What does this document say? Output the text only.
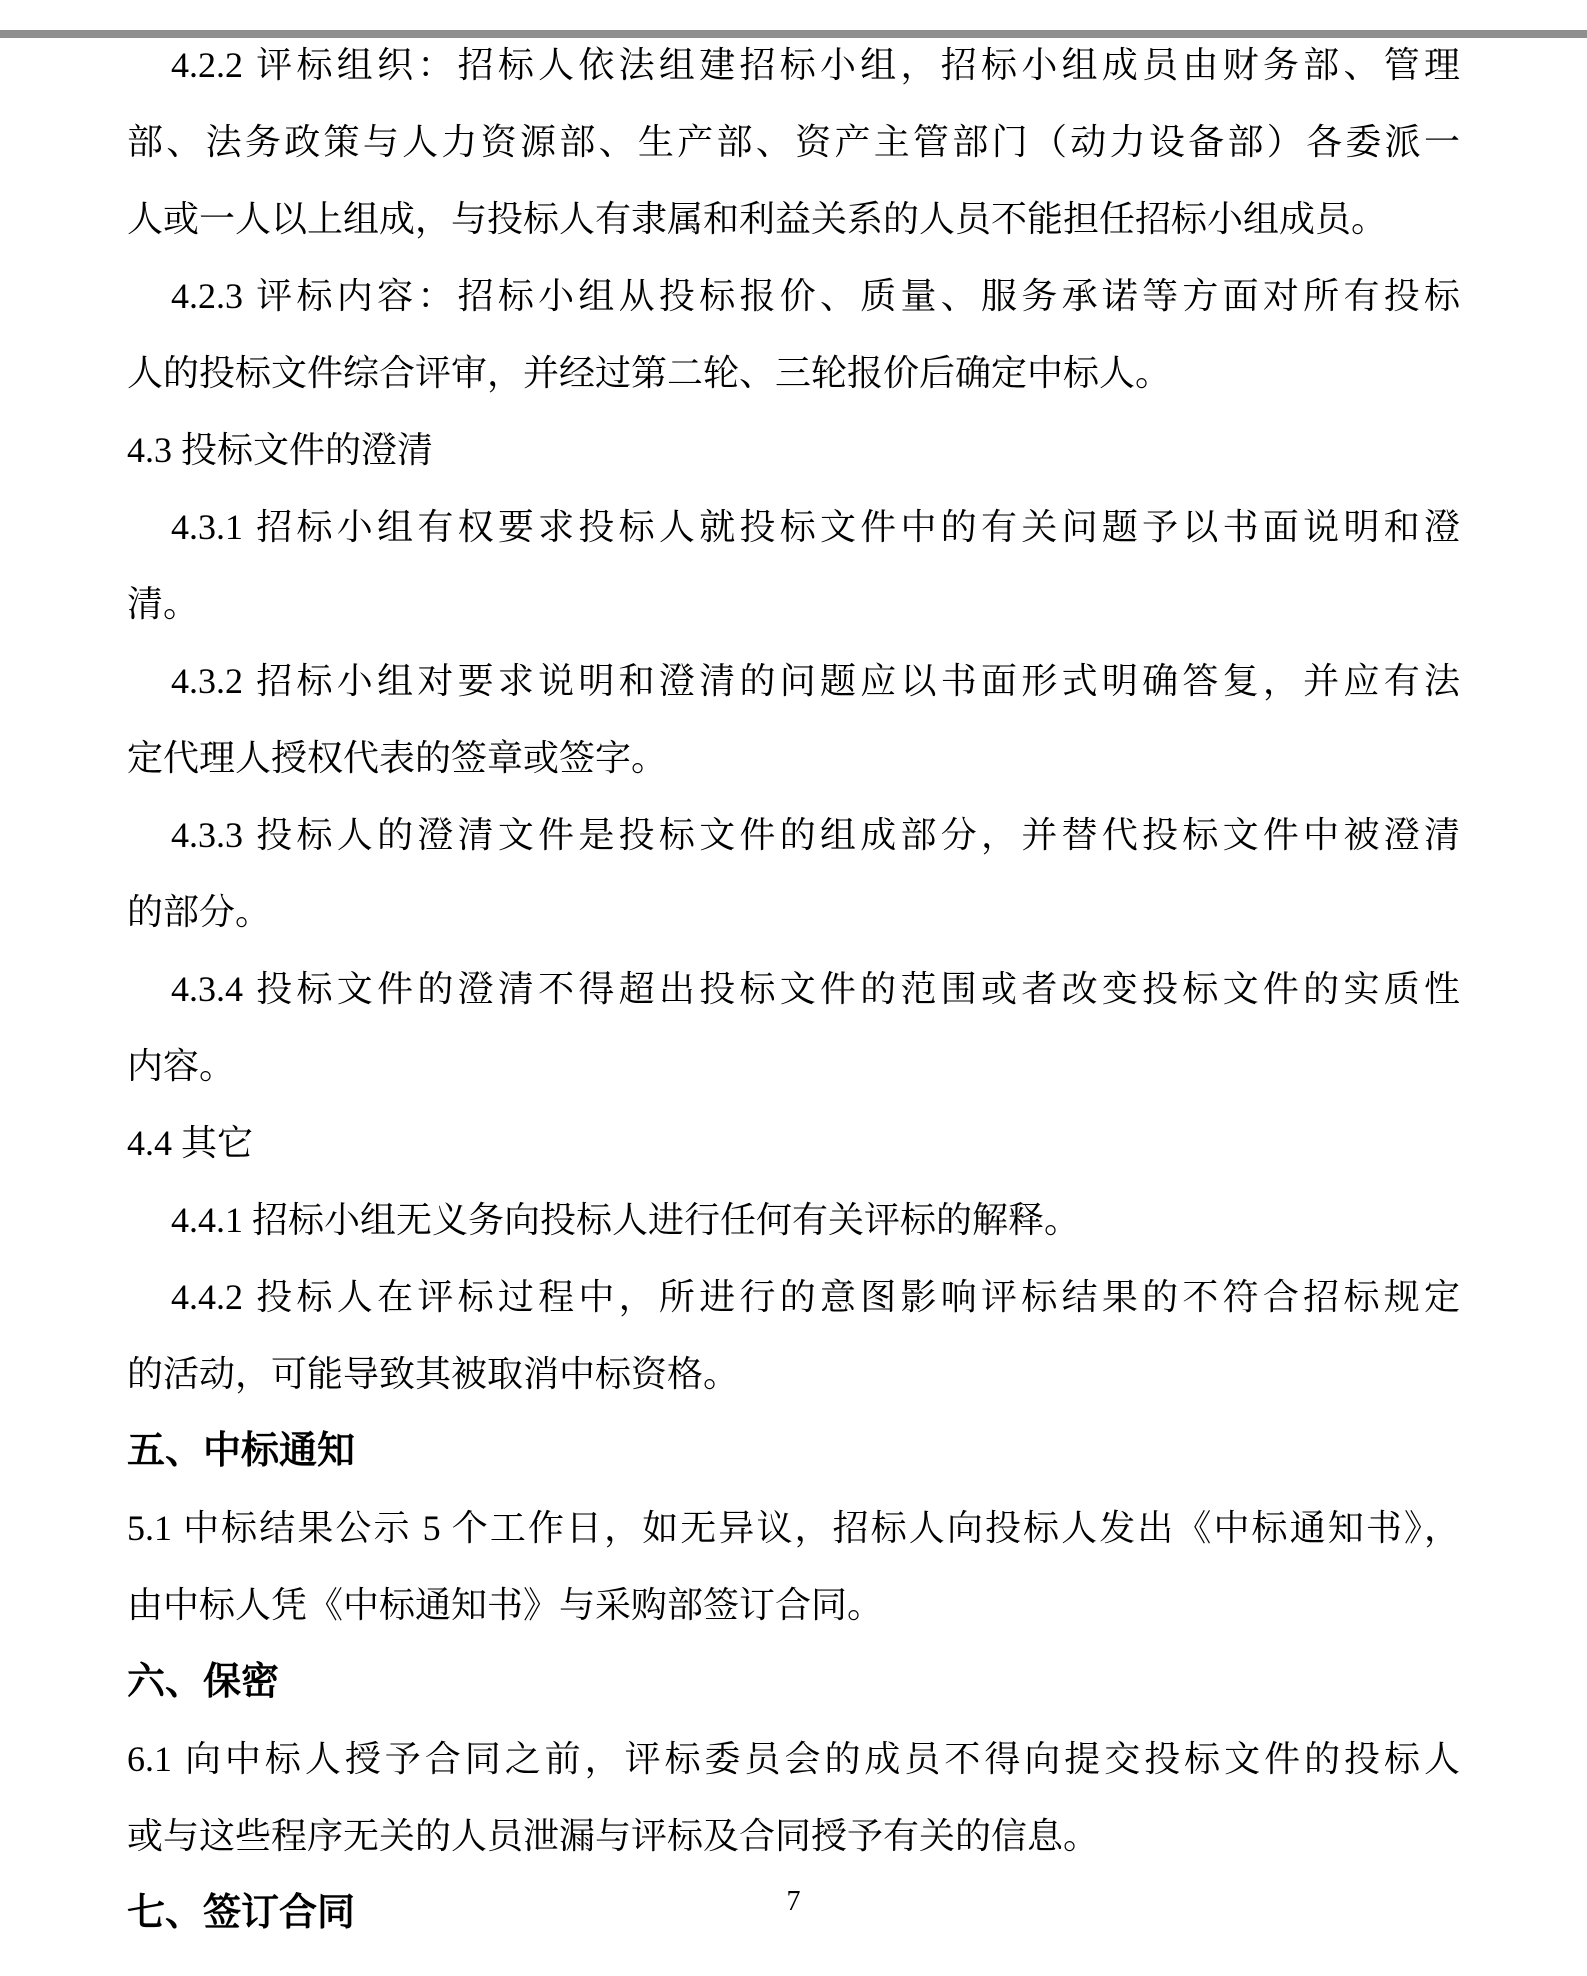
4.2.2 评标组织：招标人依法组建招标小组，招标小组成员由财务部、管理
部、法务政策与人力资源部、生产部、资产主管部门（动力设备部）各委派一
人或一人以上组成，与投标人有隶属和利益关系的人员不能担任招标小组成员。
4.2.3 评标内容：招标小组从投标报价、质量、服务承诺等方面对所有投标
人的投标文件综合评审，并经过第二轮、三轮报价后确定中标人。
4.3 投标文件的澄清
4.3.1 招标小组有权要求投标人就投标文件中的有关问题予以书面说明和澄
清。
4.3.2 招标小组对要求说明和澄清的问题应以书面形式明确答复，并应有法
定代理人授权代表的签章或签字。
4.3.3 投标人的澄清文件是投标文件的组成部分，并替代投标文件中被澄清
的部分。
4.3.4 投标文件的澄清不得超出投标文件的范围或者改变投标文件的实质性
内容。
4.4 其它
4.4.1 招标小组无义务向投标人进行任何有关评标的解释。
4.4.2 投标人在评标过程中，所进行的意图影响评标结果的不符合招标规定
的活动，可能导致其被取消中标资格。
五、中标通知
5.1 中标结果公示 5 个工作日，如无异议，招标人向投标人发出《中标通知书》，
由中标人凭《中标通知书》与采购部签订合同。
六、保密
6.1 向中标人授予合同之前，评标委员会的成员不得向提交投标文件的投标人
或与这些程序无关的人员泄漏与评标及合同授予有关的信息。
七、签订合同	7
